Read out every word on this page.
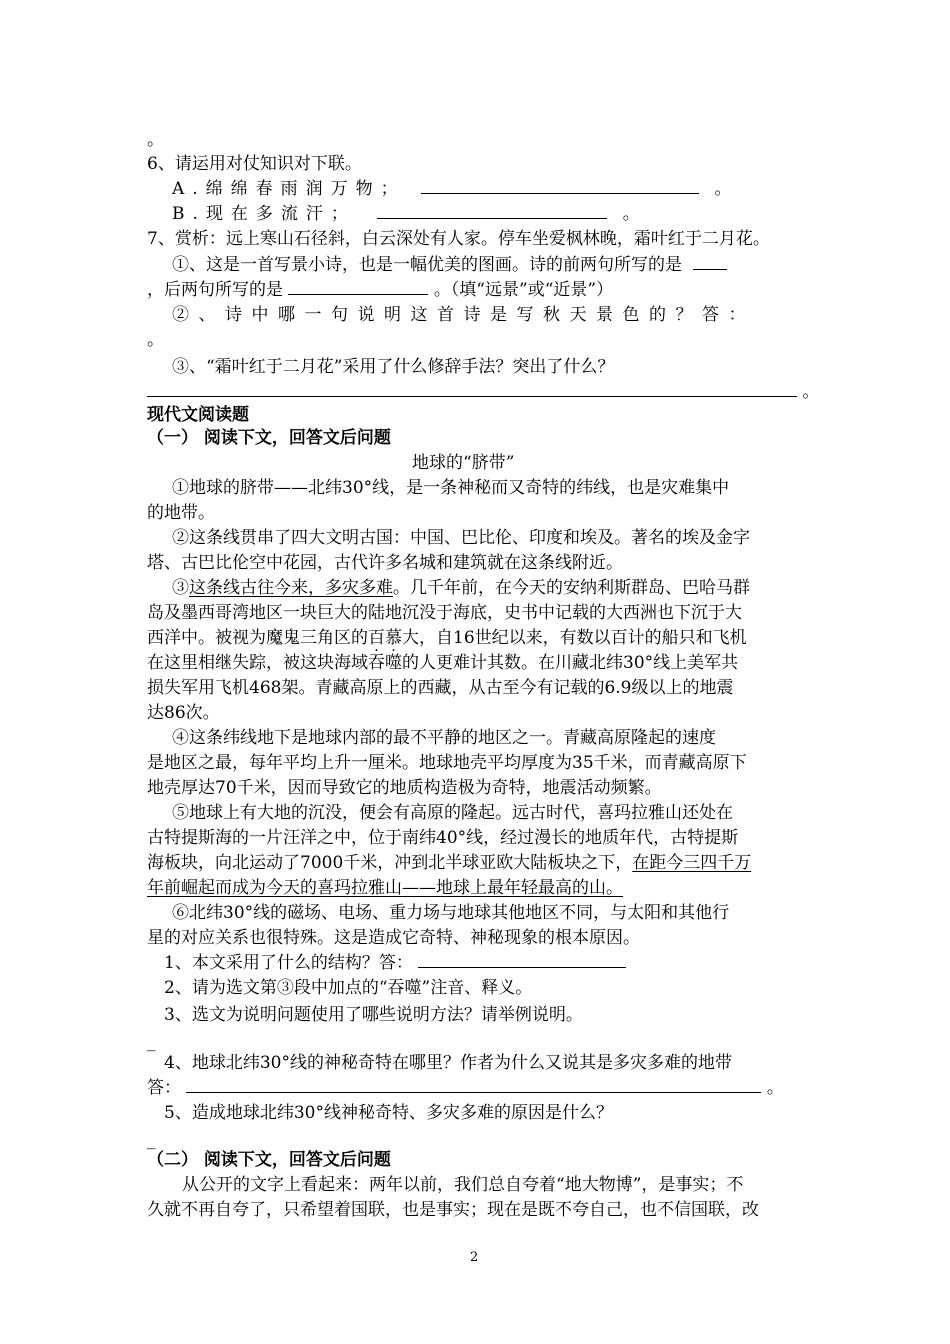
。
6、请运用对仗知识对下联。
A.绵绵春雨润万物；	。
B.现在多流汗；	。
7、赏析：远上寒山石径斜，白云深处有人家。停车坐爱枫林晚，霜叶红于二月花。
①、这是一首写景小诗，也是一幅优美的图画。诗的前两句所写的是
，后两句所写的是	。（填“远景”或“近景”）
②、诗中哪一句说明这首诗是写秋天景色的？答：
。
③、“霜叶红于二月花”采用了什么修辞手法？突出了什么？
。
现代文阅读题
（一） 阅读下文，回答文后问题
地球的“脐带”
①地球的脐带——北纬30°线，是一条神秘而又奇特的纬线，也是灾难集中
的地带。
②这条线贯串了四大文明古国：中国、巴比伦、印度和埃及。著名的埃及金字
塔、古巴比伦空中花园，古代许多名城和建筑就在这条线附近。
③这条线古往今来，多灾多难。几千年前，在今天的安纳利斯群岛、巴哈马群
岛及墨西哥湾地区一块巨大的陆地沉没于海底，史书中记载的大西洲也下沉于大
西洋中。被视为魔鬼三角区的百慕大，自16世纪以来，有数以百计的船只和飞机
在这里相继失踪，被这块海域吞噬的人更难计其数。在川藏北纬30°线上美军共
损失军用飞机468架。青藏高原上的西藏，从古至今有记载的6.9级以上的地震
达86次。
④这条纬线地下是地球内部的最不平静的地区之一。青藏高原隆起的速度
是地区之最，每年平均上升一厘米。地球地壳平均厚度为35千米，而青藏高原下
地壳厚达70千米，因而导致它的地质构造极为奇特，地震活动频繁。
⑤地球上有大地的沉没，便会有高原的隆起。远古时代，喜玛拉雅山还处在
古特提斯海的一片汪洋之中，位于南纬40°线，经过漫长的地质年代，古特提斯
海板块，向北运动了7000千米，冲到北半球亚欧大陆板块之下，在距今三四千万
年前崛起而成为今天的喜玛拉雅山——地球上最年轻最高的山。
⑥北纬30°线的磁场、电场、重力场与地球其他地区不同，与太阳和其他行
星的对应关系也很特殊。这是造成它奇特、神秘现象的根本原因。
1、本文采用了什么的结构？答：
2、请为选文第③段中加点的“吞噬”注音、释义。
3、选文为说明问题使用了哪些说明方法？请举例说明。
_
4、地球北纬30°线的神秘奇特在哪里？作者为什么又说其是多灾多难的地带
答：	。
5、造成地球北纬30°线神秘奇特、多灾多难的原因是什么？
_
（二） 阅读下文，回答文后问题
从公开的文字上看起来：两年以前，我们总自夸着“地大物博”，是事实；不
久就不再自夸了，只希望着国联，也是事实；现在是既不夸自己，也不信国联，改
2
